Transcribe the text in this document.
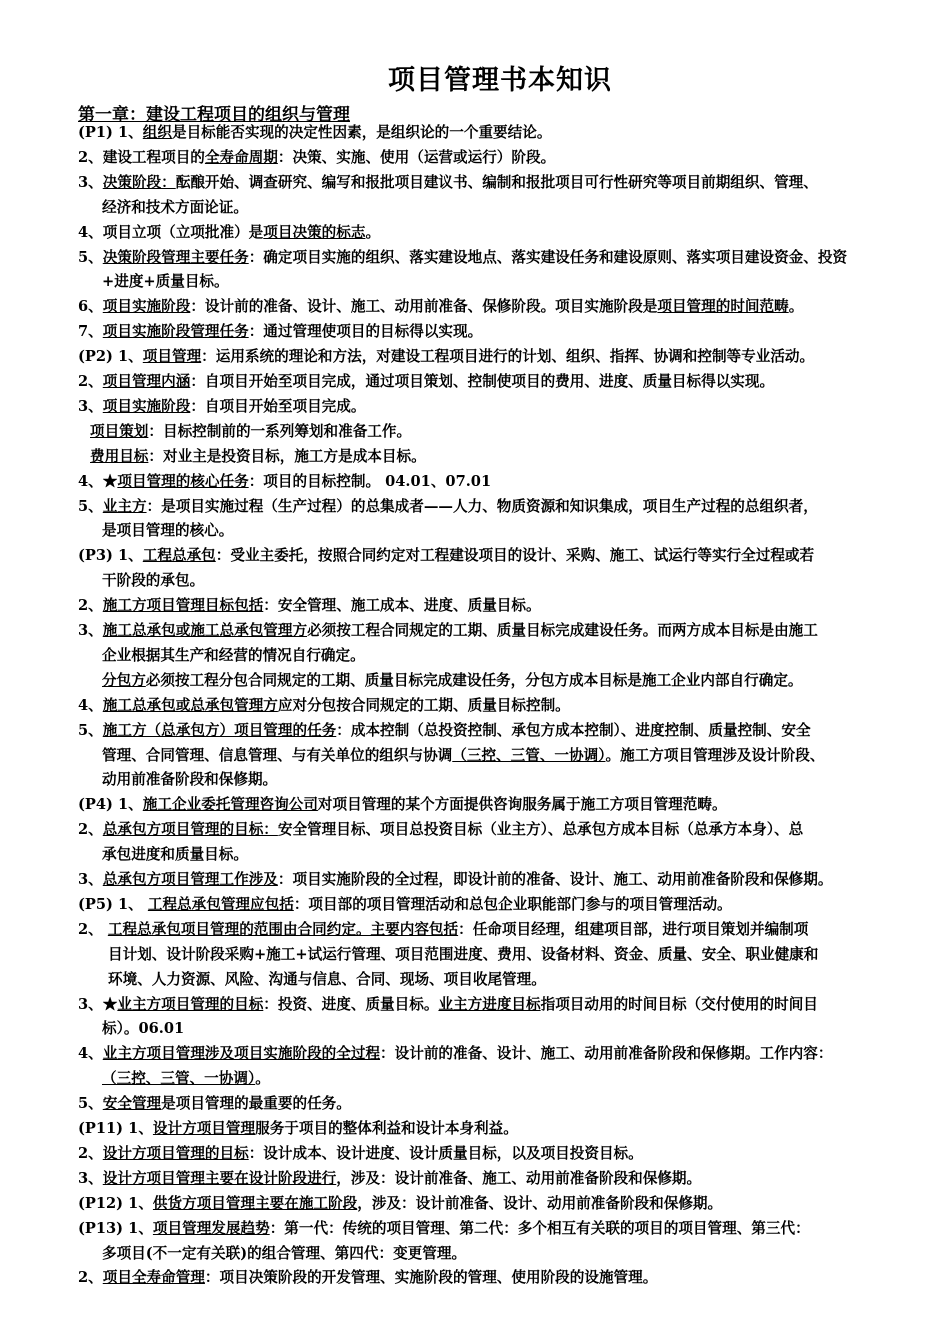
项目管理书本知识
第一章：建设工程项目的组织与管理
(P1) 1、组织是目标能否实现的决定性因素，是组织论的一个重要结论。
2、建设工程项目的全寿命周期：决策、实施、使用（运营或运行）阶段。
3、决策阶段：酝酿开始、调查研究、编写和报批项目建议书、编制和报批项目可行性研究等项目前期组织、管理、
经济和技术方面论证。
4、项目立项（立项批准）是项目决策的标志。
5、决策阶段管理主要任务：确定项目实施的组织、落实建设地点、落实建设任务和建设原则、落实项目建设资金、投资
+进度+质量目标。
6、项目实施阶段：设计前的准备、设计、施工、动用前准备、保修阶段。项目实施阶段是项目管理的时间范畴。
7、项目实施阶段管理任务：通过管理使项目的目标得以实现。
(P2) 1、项目管理：运用系统的理论和方法，对建设工程项目进行的计划、组织、指挥、协调和控制等专业活动。
2、项目管理内涵：自项目开始至项目完成，通过项目策划、控制使项目的费用、进度、质量目标得以实现。
3、项目实施阶段：自项目开始至项目完成。
项目策划：目标控制前的一系列筹划和准备工作。
费用目标：对业主是投资目标，施工方是成本目标。
4、★项目管理的核心任务：项目的目标控制。 04.01、07.01
5、业主方：是项目实施过程（生产过程）的总集成者——人力、物质资源和知识集成，项目生产过程的总组织者，
是项目管理的核心。
(P3) 1、工程总承包：受业主委托，按照合同约定对工程建设项目的设计、采购、施工、试运行等实行全过程或若
干阶段的承包。
2、施工方项目管理目标包括：安全管理、施工成本、进度、质量目标。
3、施工总承包或施工总承包管理方必须按工程合同规定的工期、质量目标完成建设任务。而两方成本目标是由施工
企业根据其生产和经营的情况自行确定。
分包方必须按工程分包合同规定的工期、质量目标完成建设任务，分包方成本目标是施工企业内部自行确定。
4、施工总承包或总承包管理方应对分包按合同规定的工期、质量目标控制。
5、施工方（总承包方）项目管理的任务：成本控制（总投资控制、承包方成本控制）、进度控制、质量控制、安全
管理、合同管理、信息管理、与有关单位的组织与协调（三控、三管、一协调）。施工方项目管理涉及设计阶段、
动用前准备阶段和保修期。
(P4) 1、施工企业委托管理咨询公司对项目管理的某个方面提供咨询服务属于施工方项目管理范畴。
2、总承包方项目管理的目标：安全管理目标、项目总投资目标（业主方）、总承包方成本目标（总承方本身）、总
承包进度和质量目标。
3、总承包方项目管理工作涉及：项目实施阶段的全过程，即设计前的准备、设计、施工、动用前准备阶段和保修期。
(P5) 1、 工程总承包管理应包括：项目部的项目管理活动和总包企业职能部门参与的项目管理活动。
2、 工程总承包项目管理的范围由合同约定。主要内容包括：任命项目经理，组建项目部，进行项目策划并编制项
目计划、设计阶段采购+施工+试运行管理、项目范围进度、费用、设备材料、资金、质量、安全、职业健康和
环境、人力资源、风险、沟通与信息、合同、现场、项目收尾管理。
3、★业主方项目管理的目标：投资、进度、质量目标。业主方进度目标指项目动用的时间目标（交付使用的时间目
标）。06.01
4、业主方项目管理涉及项目实施阶段的全过程：设计前的准备、设计、施工、动用前准备阶段和保修期。工作内容：
（三控、三管、一协调）。
5、安全管理是项目管理的最重要的任务。
(P11) 1、设计方项目管理服务于项目的整体利益和设计本身利益。
2、设计方项目管理的目标：设计成本、设计进度、设计质量目标，以及项目投资目标。
3、设计方项目管理主要在设计阶段进行，涉及：设计前准备、施工、动用前准备阶段和保修期。
(P12) 1、供货方项目管理主要在施工阶段，涉及：设计前准备、设计、动用前准备阶段和保修期。
(P13) 1、项目管理发展趋势：第一代：传统的项目管理、第二代：多个相互有关联的项目的项目管理、第三代：
多项目(不一定有关联)的组合管理、第四代：变更管理。
2、项目全寿命管理：项目决策阶段的开发管理、实施阶段的管理、使用阶段的设施管理。
